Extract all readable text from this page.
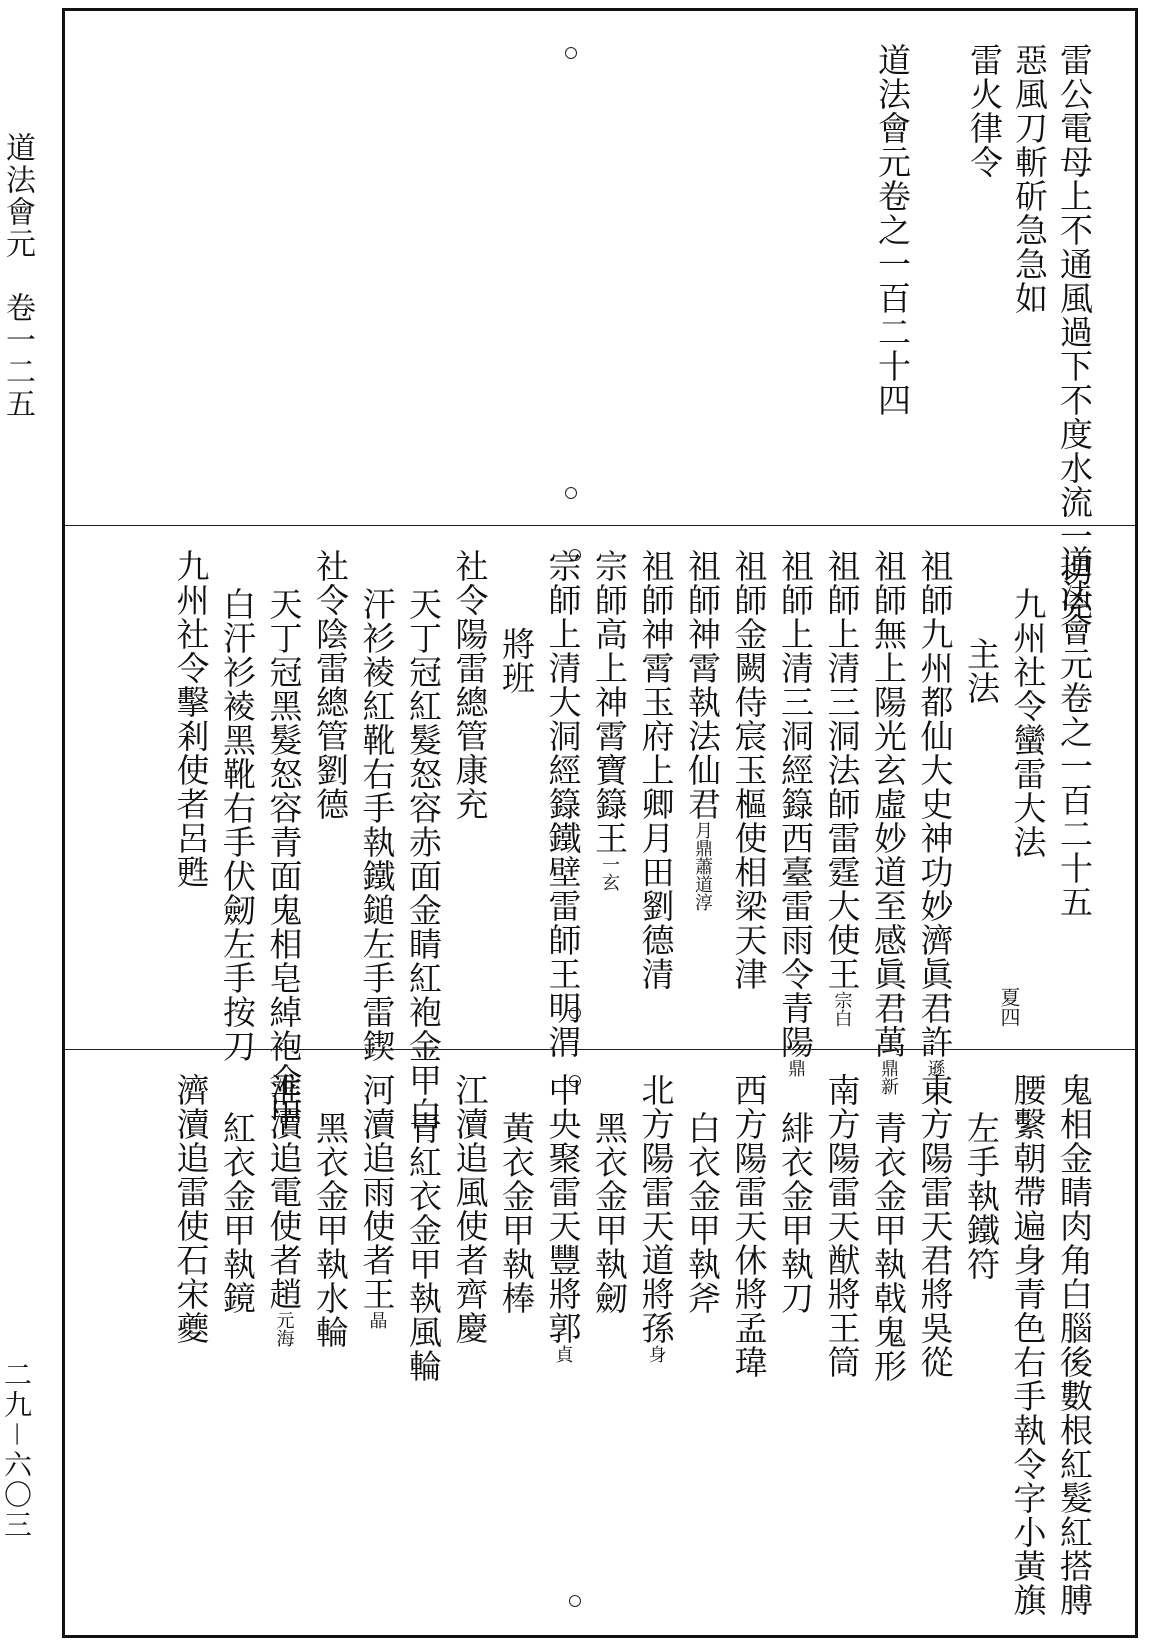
道法會元　卷一二五
二九－六〇三
雷公電母上不通風過下不度水流一切兇
惡風刀斬斫急急如
雷火律令
道法會元卷之一百二十四
夏四
道法會元卷之一百二十五
九州社令蠻雷大法
主法
祖師九州都仙大史神功妙濟眞君許遜
祖師無上陽光玄虛妙道至感眞君萬鼎新
祖師上清三洞法師雷霆大使王宗白
祖師上清三洞經籙西臺雷雨令青陽鼎
祖師金闕侍宸玉樞使相梁天津
祖師神霄執法仙君月鼎蕭道淳
祖師神霄玉府上卿月田劉德清
宗師高上神霄寶籙王一玄
宗師上清大洞經籙鐵壁雷師王明渭
將班
社令陽雷總管康充
天丁冠紅髮怒容赤面金睛紅袍金甲白
汗衫裬紅靴右手執鐵鎚左手雷鍥
社令陰雷總管劉德
天丁冠黑髮怒容青面鬼相皂綽袍金甲
白汗衫裬黑靴右手伏劒左手按刀
九州社令擊剎使者呂甦
鬼相金睛肉角白腦後數根紅髮紅搭膊
腰繫朝帶遍身青色右手執令字小黃旗
左手執鐵符
東方陽雷天君將吳從
青衣金甲執戟鬼形
南方陽雷天猷將王筒
緋衣金甲執刀
西方陽雷天休將孟瑋
白衣金甲執斧
北方陽雷天道將孫身
黑衣金甲執劒
中央聚雷天豐將郭貞
黃衣金甲執棒
江瀆追風使者齊慶
青紅衣金甲執風輪
河瀆追雨使者王晶
黑衣金甲執水輪
淮瀆追電使者趙元海
紅衣金甲執鏡
濟瀆追雷使石宋夔
